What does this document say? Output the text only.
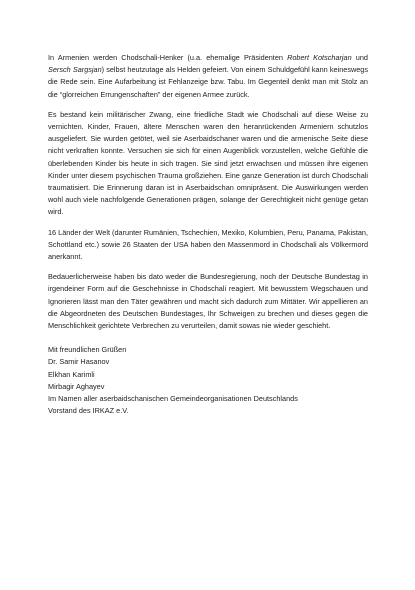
In Armenien werden Chodschali-Henker (u.a. ehemalige Präsidenten Robert Kotscharjan und Sersch Sargsjan) selbst heutzutage als Helden gefeiert. Von einem Schuldgefühl kann keineswegs die Rede sein. Eine Aufarbeitung ist Fehlanzeige bzw. Tabu. Im Gegenteil denkt man mit Stolz an die “glorreichen Errungenschaften” der eigenen Armee zurück.

Es bestand kein militärischer Zwang, eine friedliche Stadt wie Chodschali auf diese Weise zu vernichten. Kinder, Frauen, ältere Menschen waren den heranrückenden Armeniern schutzlos ausgeliefert. Sie wurden getötet, weil sie Aserbaidschaner waren und die armenische Seite diese nicht verkraften konnte. Versuchen sie sich für einen Augenblick vorzustellen, welche Gefühle die überlebenden Kinder bis heute in sich tragen. Sie sind jetzt erwachsen und müssen ihre eigenen Kinder unter diesem psychischen Trauma großziehen. Eine ganze Generation ist durch Chodschali traumatisiert. Die Erinnerung daran ist in Aserbaidschan omnipräsent. Die Auswirkungen werden wohl auch viele nachfolgende Generationen prägen, solange der Gerechtigkeit nicht genüge getan wird.

16 Länder der Welt (darunter Rumänien, Tschechien, Mexiko, Kolumbien, Peru, Panama, Pakistan, Schottland etc.) sowie 26 Staaten der USA haben den Massenmord in Chodschali als Völkermord anerkannt.

Bedauerlicherweise haben bis dato weder die Bundesregierung, noch der Deutsche Bundestag in irgendeiner Form auf die Geschehnisse in Chodschali reagiert. Mit bewusstem Wegschauen und Ignorieren lässt man den Täter gewähren und macht sich dadurch zum Mittäter. Wir appellieren an die Abgeordneten des Deutschen Bundestages, Ihr Schweigen zu brechen und dieses gegen die Menschlichkeit gerichtete Verbrechen zu verurteilen, damit sowas nie wieder geschieht.

Mit freundlichen Grüßen
Dr. Samir Hasanov
Elkhan Karimli
Mirbagir Aghayev
Im Namen aller aserbaidschanischen Gemeindeorganisationen Deutschlands
Vorstand des IRKAZ e.V.
